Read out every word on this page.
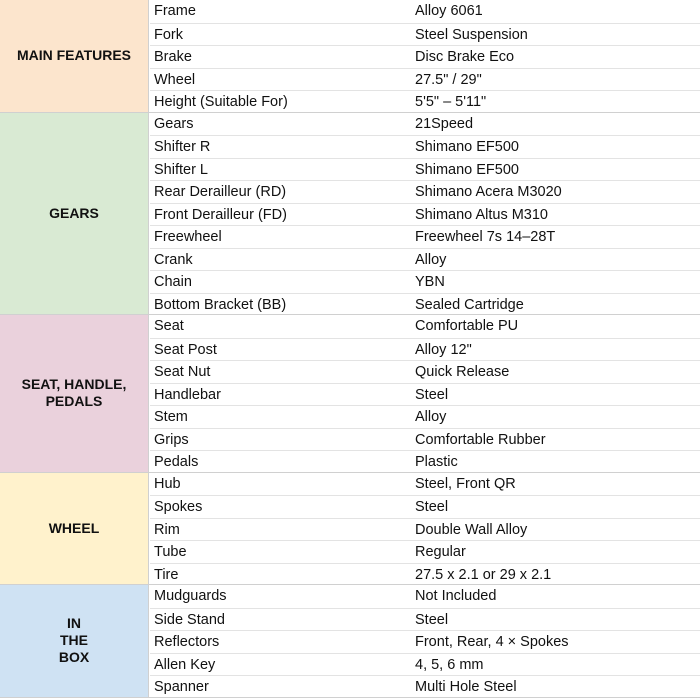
MAIN FEATURES
Frame	Alloy 6061
Fork	Steel Suspension
Brake	Disc Brake Eco
Wheel	27.5" / 29"
Height (Suitable For)	5'5" – 5'11"
GEARS
Gears	21Speed
Shifter R	Shimano EF500
Shifter L	Shimano EF500
Rear Derailleur (RD)	Shimano Acera M3020
Front Derailleur (FD)	Shimano Altus M310
Freewheel	Freewheel 7s 14–28T
Crank	Alloy
Chain	YBN
Bottom Bracket (BB)	Sealed Cartridge
SEAT, HANDLE,
PEDALS
Seat	Comfortable PU
Seat Post	Alloy 12"
Seat Nut	Quick Release
Handlebar	Steel
Stem	Alloy
Grips	Comfortable Rubber
Pedals	Plastic
WHEEL
Hub	Steel, Front QR
Spokes	Steel
Rim	Double Wall Alloy
Tube	Regular
Tire	27.5 x 2.1 or 29 x 2.1
IN
THE
BOX
Mudguards	Not Included
Side Stand	Steel
Reflectors	Front, Rear, 4 × Spokes
Allen Key	4, 5, 6 mm
Spanner	Multi Hole Steel
